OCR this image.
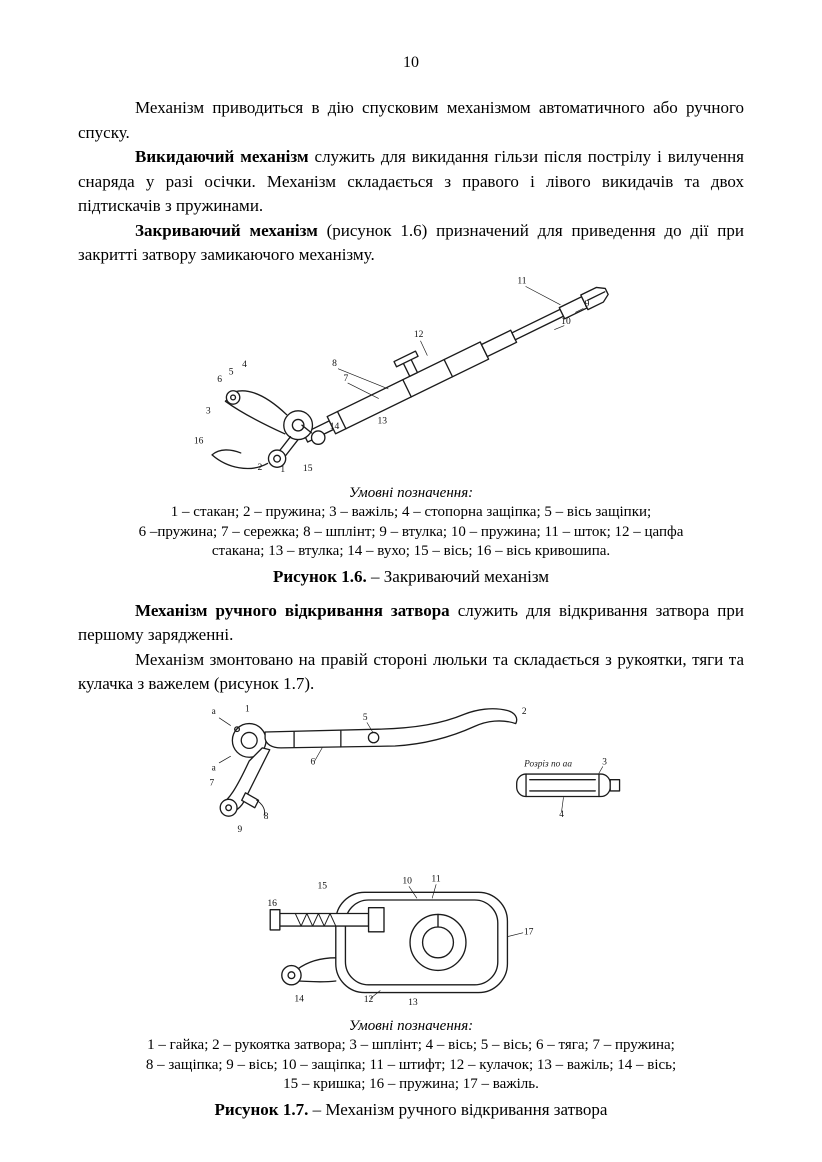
10

Механізм приводиться в дію спусковим механізмом автоматичного або ручного спуску.

Викидаючий механізм служить для викидання гільзи після пострілу і вилучення снаряда у разі осічки. Механізм складається з правого і лівого викидачів та двох підтискачів з пружинами.

Закриваючий механізм (рисунок 1.6) призначений для приведення до дії при закритті затвору замикаючого механізму.

12
11
9
10
8
7
13
4
5
6
3
14
2 1 15
16
Умовні позначення:
1 – стакан; 2 – пружина; 3 – важіль; 4 – стопорна защіпка; 5 – вісь защіпки;
6 –пружина; 7 – сережка; 8 – шплінт; 9 – втулка; 10 – пружина; 11 – шток; 12 – цапфа
стакана; 13 – втулка; 14 – вухо; 15 – вісь; 16 – вісь кривошипа.

Рисунок 1.6. – Закриваючий механізм

Механізм ручного відкривання затвора служить для відкривання затвора при першому зарядженні.

Механізм змонтовано на правій стороні люльки та складається з рукоятки, тяги та кулачка з важелем (рисунок 1.7).

Розріз по аа
а
а
1
5
2
3
4
6
7
8
9
15
16
10 11
17
12	13
14
Умовні позначення:
1 – гайка; 2 – рукоятка затвора; 3 – шплінт; 4 – вісь; 5 – вісь; 6 – тяга; 7 – пружина;
8 – защіпка; 9 – вісь; 10 – защіпка; 11 – штифт; 12 – кулачок; 13 – важіль; 14 – вісь;
15 – кришка; 16 – пружина; 17 – важіль.

Рисунок 1.7. – Механізм ручного відкривання затвора
